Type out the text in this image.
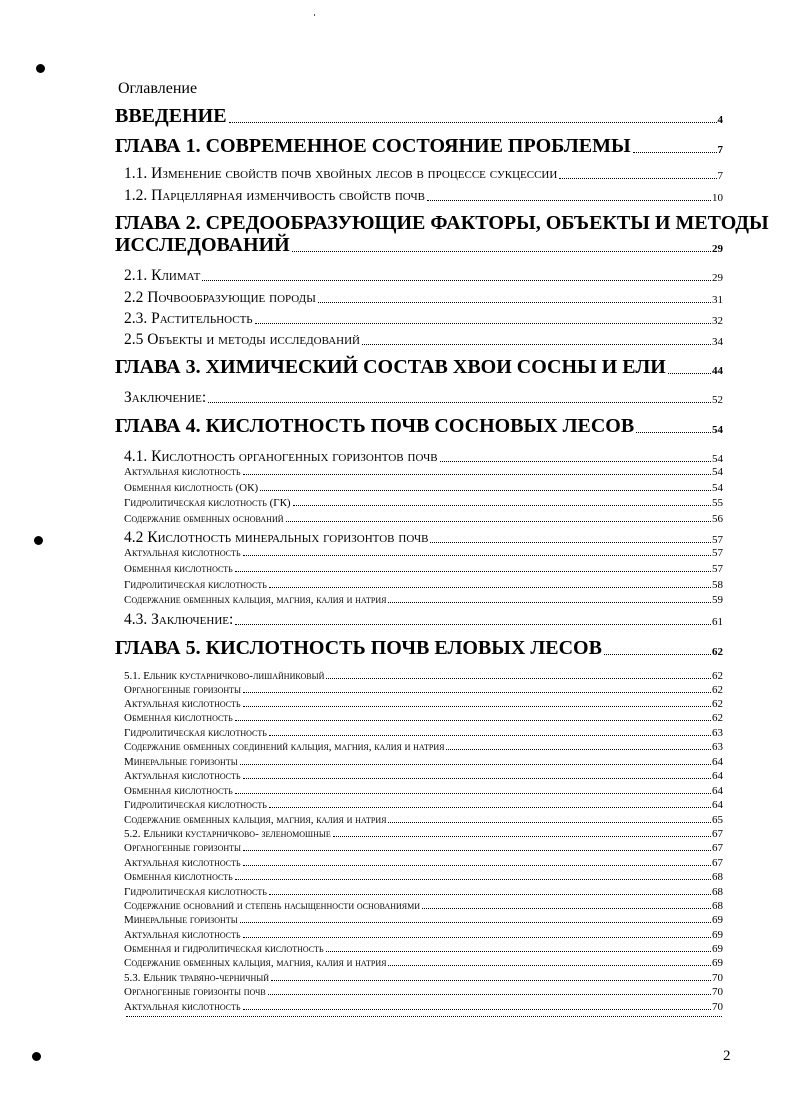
Оглавление
ВВЕДЕНИЕ	4
ГЛАВА 1. СОВРЕМЕННОЕ СОСТОЯНИЕ ПРОБЛЕМЫ	7
1.1. Изменение свойств почв хвойных лесов в процессе сукцессии	7
1.2. Парцеллярная изменчивость свойств почв	10
ГЛАВА 2. СРЕДООБРАЗУЮЩИЕ ФАКТОРЫ, ОБЪЕКТЫ И МЕТОДЫ
ИССЛЕДОВАНИЙ	29
2.1. Климат	29
2.2 Почвообразующие породы	31
2.3. Растительность	32
2.5 Объекты и методы исследований	34
ГЛАВА 3. ХИМИЧЕСКИЙ СОСТАВ ХВОИ СОСНЫ И ЕЛИ	44
Заключение:	52
ГЛАВА 4. КИСЛОТНОСТЬ ПОЧВ СОСНОВЫХ ЛЕСОВ	54
4.1. Кислотность органогенных горизонтов почв	54
Актуальная кислотность	54
Обменная кислотность (ОК)	54
Гидролитическая кислотность (ГК)	55
Содержание обменных оснований	56
4.2 Кислотность минеральных горизонтов почв	57
Актуальная кислотность	57
Обменная кислотность	57
Гидролитическая кислотность	58
Содержание обменных кальция, магния, калия и натрия	59
4.3. Заключение:	61
ГЛАВА 5. КИСЛОТНОСТЬ ПОЧВ ЕЛОВЫХ ЛЕСОВ	62
5.1. Ельник кустарничково-лишайниковый	62
Органогенные горизонты	62
Актуальная кислотность	62
Обменная кислотность	62
Гидролитическая кислотность	63
Содержание обменных соединений кальция, магния, калия и натрия	63
Минеральные горизонты	64
Актуальная кислотность	64
Обменная кислотность	64
Гидролитическая кислотность	64
Содержание обменных кальция, магния, калия и натрия	65
5.2. Ельники кустарничково- зеленомошные	67
Органогенные горизонты	67
Актуальная кислотность	67
Обменная кислотность	68
Гидролитическая кислотность	68
Содержание оснований и степень насыщенности основаниями	68
Минеральные горизонты	69
Актуальная кислотность	69
Обменная и гидролитическая кислотность	69
Содержание обменных кальция, магния, калия и натрия	69
5.3. Ельник травяно-черничный	70
Органогенные горизонты почв	70
Актуальная кислотность	70
2
